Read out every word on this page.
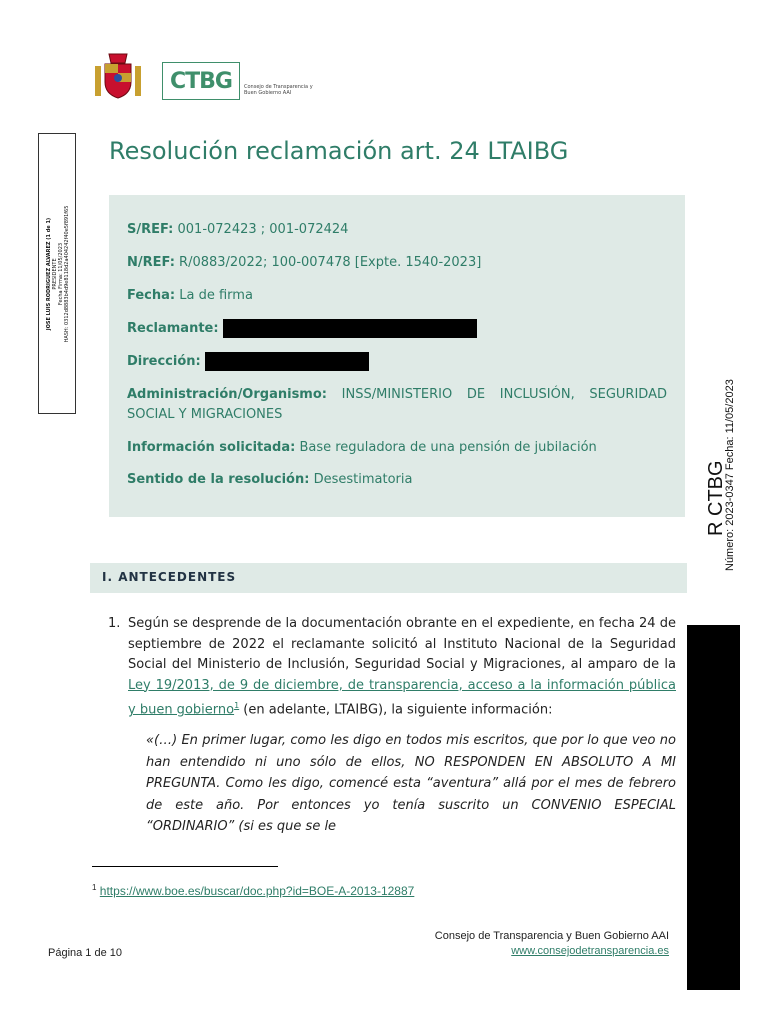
CTBG Consejo de Transparencia y Buen Gobierno AAI
JOSE LUIS RODRIGUEZ ALVAREZ (1 de 1) PRESIDENTE Fecha Firma: 11/05/2023 HASH: 0312d8883b4d9e8118d2a404242f40e5f891f65
Resolución reclamación art. 24 LTAIBG
S/REF: 001-072423 ; 001-072424
N/REF: R/0883/2022; 100-007478 [Expte. 1540-2023]
Fecha: La de firma
Reclamante:
Dirección:
Administración/Organismo: INSS/MINISTERIO DE INCLUSIÓN, SEGURIDAD SOCIAL Y MIGRACIONES
Información solicitada: Base reguladora de una pensión de jubilación
Sentido de la resolución: Desestimatoria	R CTBG
Número: 2023-0347 Fecha: 11/05/2023
I. ANTECEDENTES
1. Según se desprende de la documentación obrante en el expediente, en fecha 24 de septiembre de 2022 el reclamante solicitó al Instituto Nacional de la Seguridad Social del Ministerio de Inclusión, Seguridad Social y Migraciones, al amparo de la Ley 19/2013, de 9 de diciembre, de transparencia, acceso a la información pública y buen gobierno$^1$ (en adelante, LTAIBG), la siguiente información:
«(…) En primer lugar, como les digo en todos mis escritos, que por lo que veo no han entendido ni uno sólo de ellos, NO RESPONDEN EN ABSOLUTO A MI PREGUNTA. Como les digo, comencé esta “aventura” allá por el mes de febrero de este año. Por entonces yo tenía suscrito un CONVENIO ESPECIAL “ORDINARIO” (si es que se le
$^1$ https://www.boe.es/buscar/doc.php?id=BOE-A-2013-12887
Página 1 de 10
Consejo de Transparencia y Buen Gobierno AAI
www.consejodetransparencia.es
